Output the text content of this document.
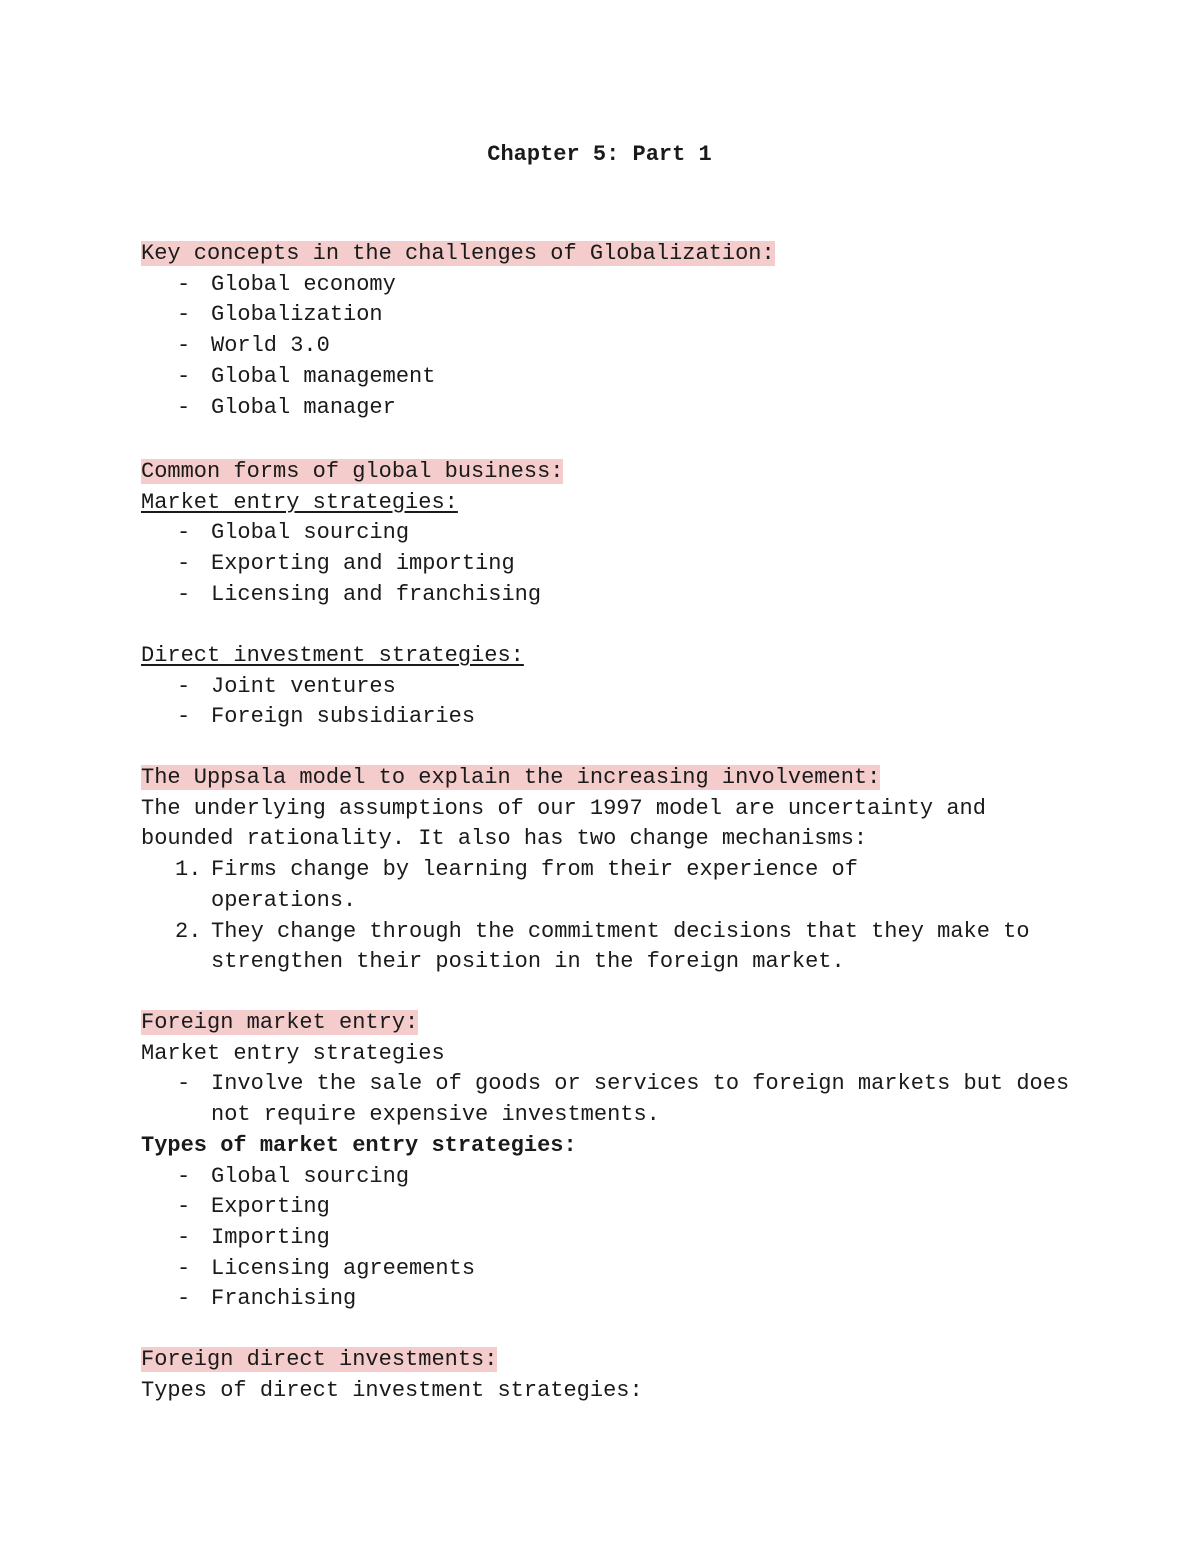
Chapter 5: Part 1
Key concepts in the challenges of Globalization:
- Global economy
- Globalization
- World 3.0
- Global management
- Global manager
Common forms of global business:
Market entry strategies:
- Global sourcing
- Exporting and importing
- Licensing and franchising
Direct investment strategies:
- Joint ventures
- Foreign subsidiaries
The Uppsala model to explain the increasing involvement:
The underlying assumptions of our 1997 model are uncertainty and bounded rationality. It also has two change mechanisms:
1. Firms change by learning from their experience of operations.
2. They change through the commitment decisions that they make to strengthen their position in the foreign market.
Foreign market entry:
Market entry strategies
- Involve the sale of goods or services to foreign markets but does not require expensive investments.
Types of market entry strategies:
- Global sourcing
- Exporting
- Importing
- Licensing agreements
- Franchising
Foreign direct investments:
Types of direct investment strategies:
